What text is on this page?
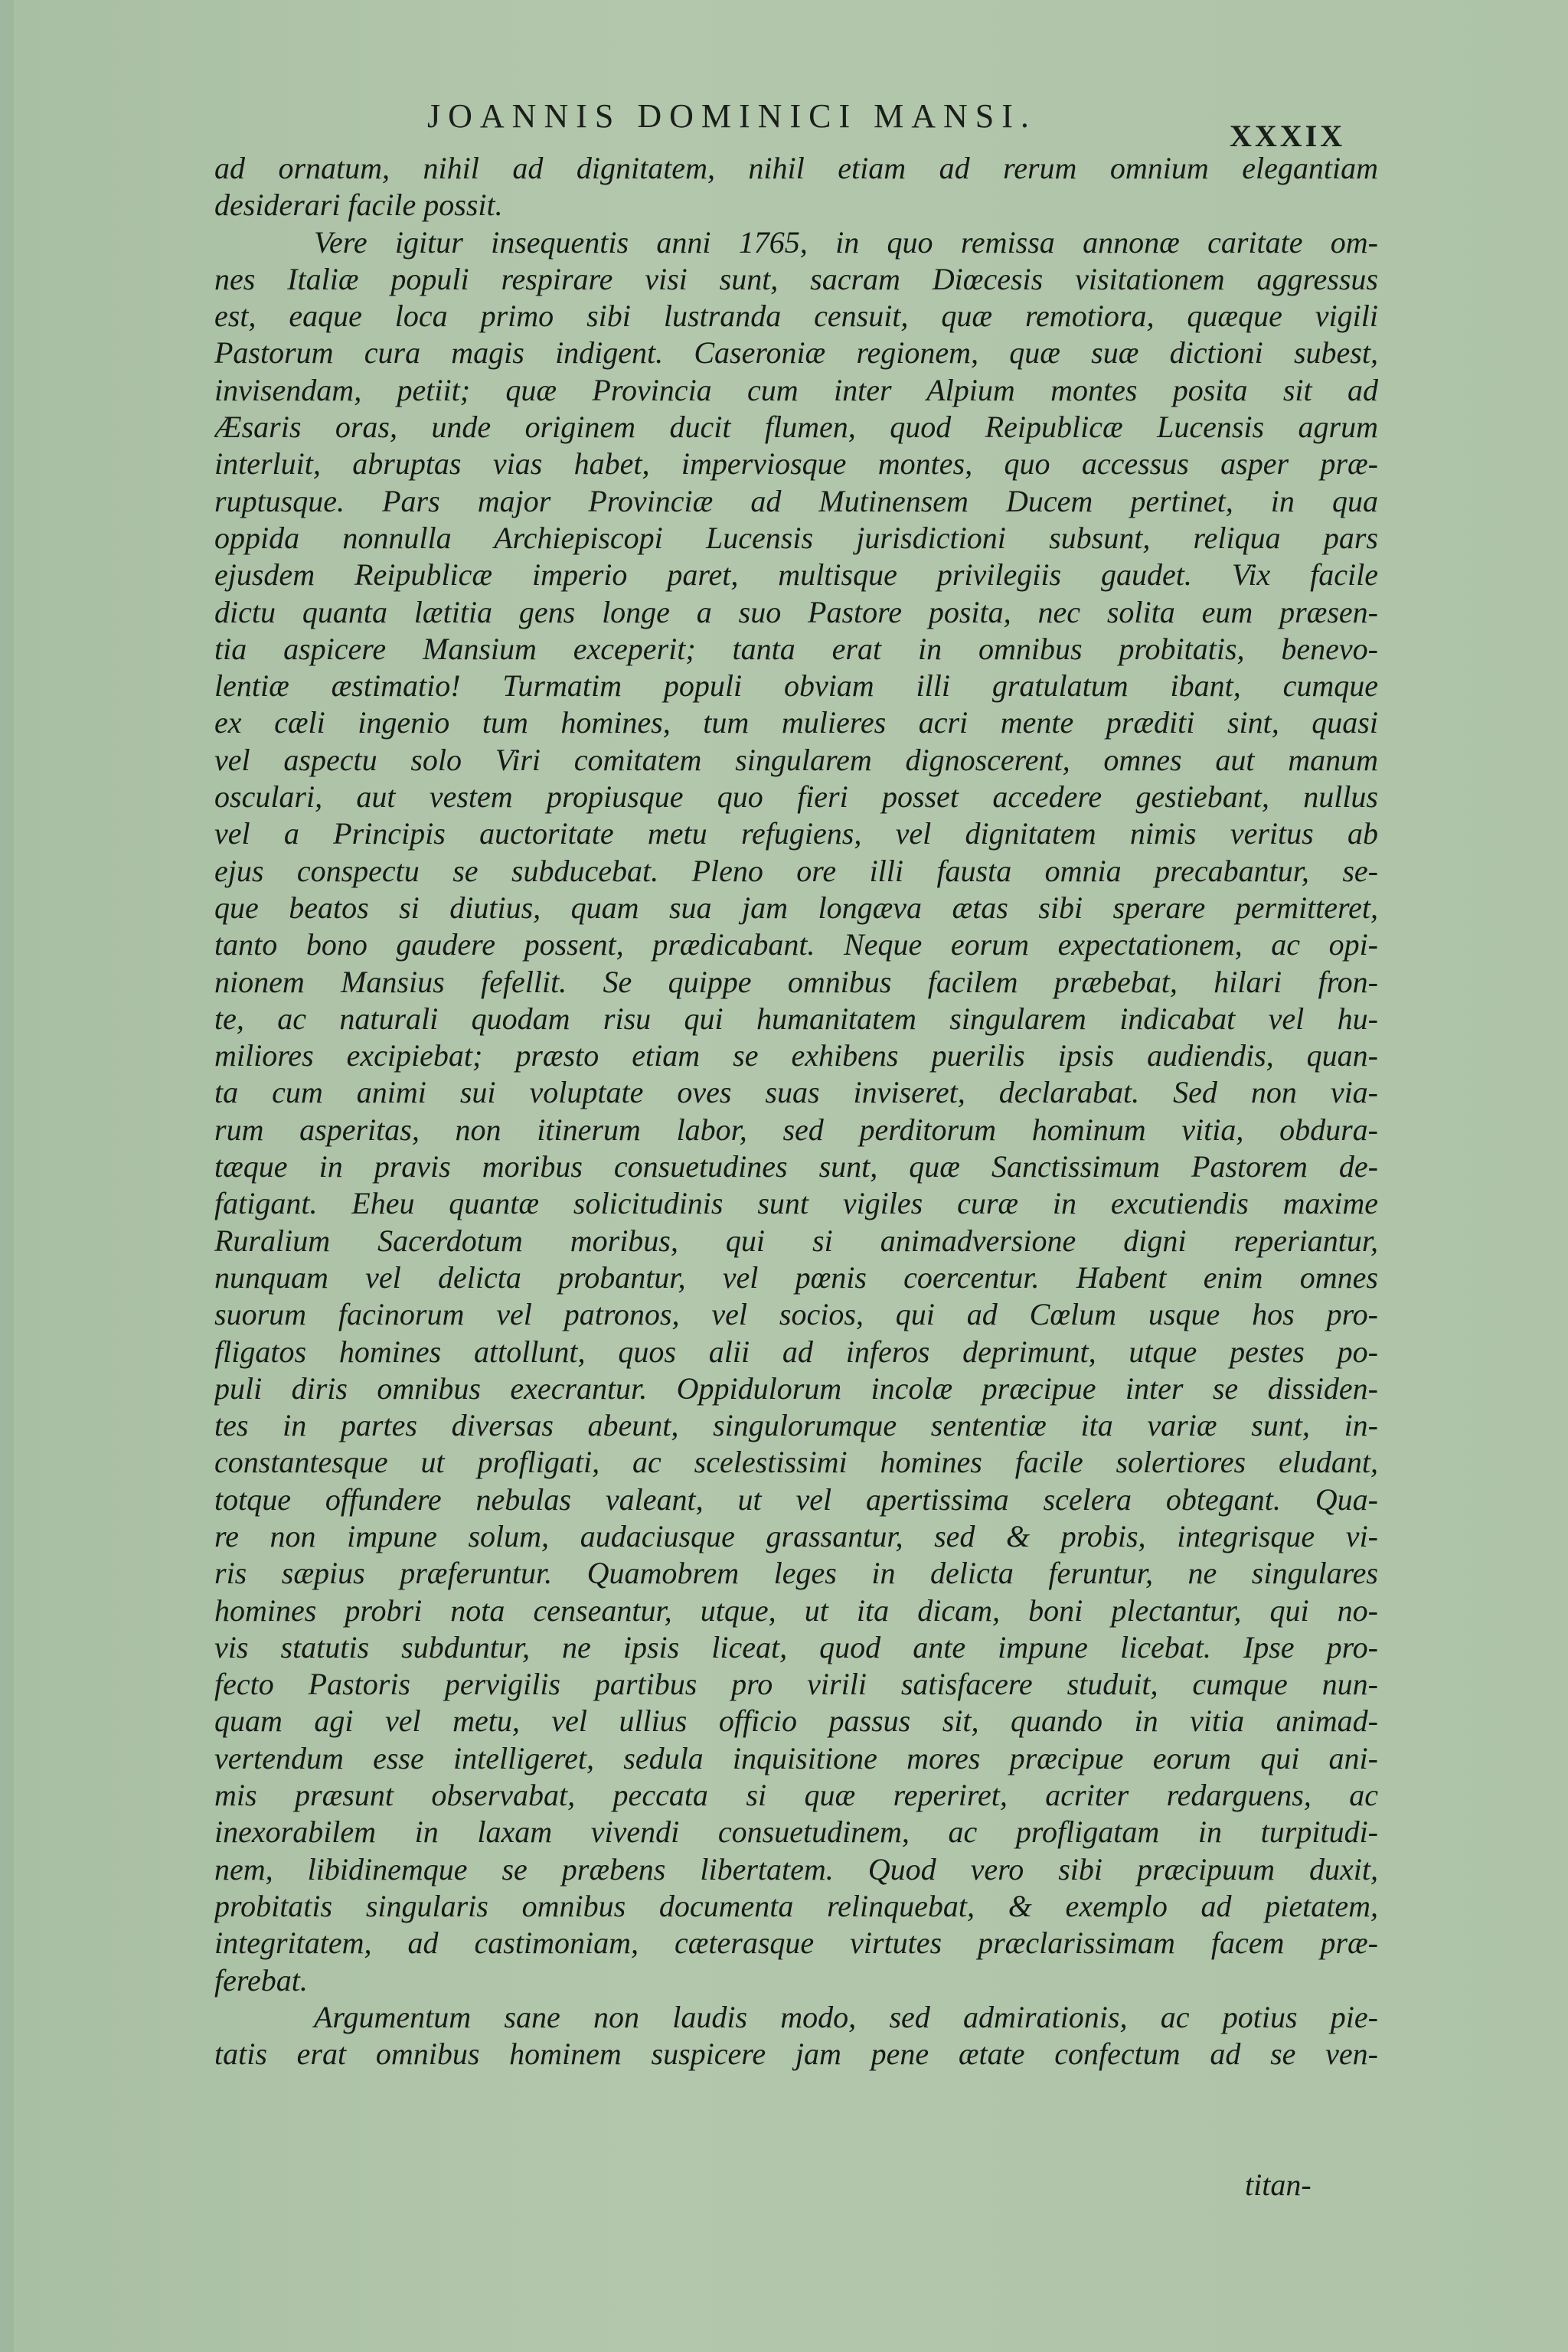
JOANNIS DOMINICI MANSI.
XXXIX
ad ornatum, nihil ad dignitatem, nihil etiam ad rerum omnium elegantiam
desiderari facile possit.
Vere igitur insequentis anni 1765, in quo remissa annonæ caritate om-
nes Italiæ populi respirare visi sunt, sacram Diœcesis visitationem aggressus
est, eaque loca primo sibi lustranda censuit, quæ remotiora, quæque vigili
Pastorum cura magis indigent. Caseroniæ regionem, quæ suæ dictioni subest,
invisendam, petiit; quæ Provincia cum inter Alpium montes posita sit ad
Æsaris oras, unde originem ducit flumen, quod Reipublicæ Lucensis agrum
interluit, abruptas vias habet, imperviosque montes, quo accessus asper præ-
ruptusque. Pars major Provinciæ ad Mutinensem Ducem pertinet, in qua
oppida nonnulla Archiepiscopi Lucensis jurisdictioni subsunt, reliqua pars
ejusdem Reipublicæ imperio paret, multisque privilegiis gaudet. Vix facile
dictu quanta lætitia gens longe a suo Pastore posita, nec solita eum præsen-
tia aspicere Mansium exceperit; tanta erat in omnibus probitatis, benevo-
lentiæ æstimatio! Turmatim populi obviam illi gratulatum ibant, cumque
ex cæli ingenio tum homines, tum mulieres acri mente præditi sint, quasi
vel aspectu solo Viri comitatem singularem dignoscerent, omnes aut manum
osculari, aut vestem propiusque quo fieri posset accedere gestiebant, nullus
vel a Principis auctoritate metu refugiens, vel dignitatem nimis veritus ab
ejus conspectu se subducebat. Pleno ore illi fausta omnia precabantur, se-
que beatos si diutius, quam sua jam longæva ætas sibi sperare permitteret,
tanto bono gaudere possent, prædicabant. Neque eorum expectationem, ac opi-
nionem Mansius fefellit. Se quippe omnibus facilem præbebat, hilari fron-
te, ac naturali quodam risu qui humanitatem singularem indicabat vel hu-
miliores excipiebat; præsto etiam se exhibens puerilis ipsis audiendis, quan-
ta cum animi sui voluptate oves suas inviseret, declarabat. Sed non via-
rum asperitas, non itinerum labor, sed perditorum hominum vitia, obdura-
tæque in pravis moribus consuetudines sunt, quæ Sanctissimum Pastorem de-
fatigant. Eheu quantæ solicitudinis sunt vigiles curæ in excutiendis maxime
Ruralium Sacerdotum moribus, qui si animadversione digni reperiantur,
nunquam vel delicta probantur, vel pœnis coercentur. Habent enim omnes
suorum facinorum vel patronos, vel socios, qui ad Cœlum usque hos pro-
fligatos homines attollunt, quos alii ad inferos deprimunt, utque pestes po-
puli diris omnibus execrantur. Oppidulorum incolæ præcipue inter se dissiden-
tes in partes diversas abeunt, singulorumque sententiæ ita variæ sunt, in-
constantesque ut profligati, ac scelestissimi homines facile solertiores eludant,
totque offundere nebulas valeant, ut vel apertissima scelera obtegant. Qua-
re non impune solum, audaciusque grassantur, sed & probis, integrisque vi-
ris sæpius præferuntur. Quamobrem leges in delicta feruntur, ne singulares
homines probri nota censeantur, utque, ut ita dicam, boni plectantur, qui no-
vis statutis subduntur, ne ipsis liceat, quod ante impune licebat. Ipse pro-
fecto Pastoris pervigilis partibus pro virili satisfacere studuit, cumque nun-
quam agi vel metu, vel ullius officio passus sit, quando in vitia animad-
vertendum esse intelligeret, sedula inquisitione mores præcipue eorum qui ani-
mis præsunt observabat, peccata si quæ reperiret, acriter redarguens, ac
inexorabilem in laxam vivendi consuetudinem, ac profligatam in turpitudi-
nem, libidinemque se præbens libertatem. Quod vero sibi præcipuum duxit,
probitatis singularis omnibus documenta relinquebat, & exemplo ad pietatem,
integritatem, ad castimoniam, cæterasque virtutes præclarissimam facem præ-
ferebat.
Argumentum sane non laudis modo, sed admirationis, ac potius pie-
tatis erat omnibus hominem suspicere jam pene ætate confectum ad se ven-
titan-
